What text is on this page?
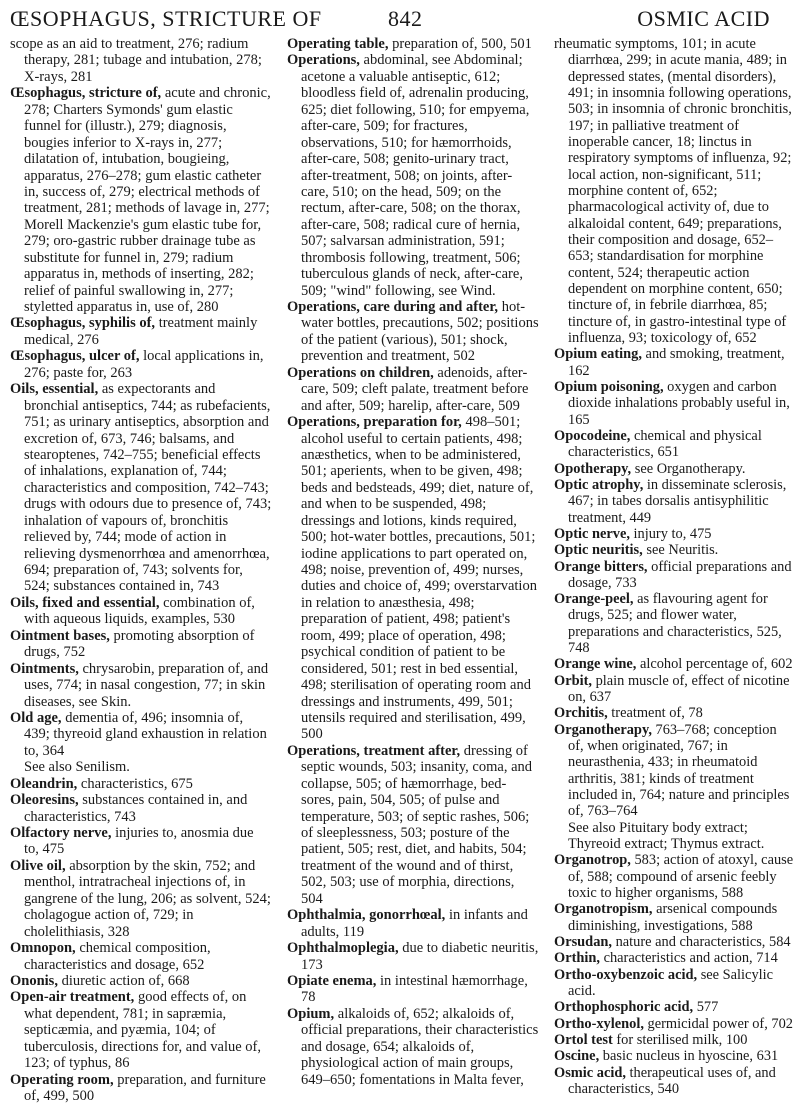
ŒSOPHAGUS, STRICTURE OF	842	OSMIC ACID
scope as an aid to treatment, 276; radium therapy, 281; tubage and intubation, 278; X-rays, 281
Œsophagus, stricture of, acute and chronic, 278; Charters Symonds' gum elastic funnel for (illustr.), 279; diagnosis, bougies inferior to X-rays in, 277; dilatation of, intubation, bougieing, apparatus, 276–278; gum elastic catheter in, success of, 279; electrical methods of treatment, 281; methods of lavage in, 277; Morell Mackenzie's gum elastic tube for, 279; oro-gastric rubber drainage tube as substitute for funnel in, 279; radium apparatus in, methods of inserting, 282; relief of painful swallowing in, 277; styletted apparatus in, use of, 280
Œsophagus, syphilis of, treatment mainly medical, 276
Œsophagus, ulcer of, local applications in, 276; paste for, 263
Oils, essential, as expectorants and bronchial antiseptics, 744; as rubefacients, 751; as urinary antiseptics, absorption and excretion of, 673, 746; balsams, and stearoptenes, 742–755; beneficial effects of inhalations, explanation of, 744; characteristics and composition, 742–743; drugs with odours due to presence of, 743; inhalation of vapours of, bronchitis relieved by, 744; mode of action in relieving dysmenorrhœa and amenorrhœa, 694; preparation of, 743; solvents for, 524; substances contained in, 743
Oils, fixed and essential, combination of, with aqueous liquids, examples, 530
Ointment bases, promoting absorption of drugs, 752
Ointments, chrysarobin, preparation of, and uses, 774; in nasal congestion, 77; in skin diseases, see Skin.
Old age, dementia of, 496; insomnia of, 439; thyreoid gland exhaustion in relation to, 364
See also Senilism.
Oleandrin, characteristics, 675
Oleoresins, substances contained in, and characteristics, 743
Olfactory nerve, injuries to, anosmia due to, 475
Olive oil, absorption by the skin, 752; and menthol, intratracheal injections of, in gangrene of the lung, 206; as solvent, 524; cholagogue action of, 729; in cholelithiasis, 328
Omnopon, chemical composition, characteristics and dosage, 652
Ononis, diuretic action of, 668
Open-air treatment, good effects of, on what dependent, 781; in sapræmia, septicæmia, and pyæmia, 104; of tuberculosis, directions for, and value of, 123; of typhus, 86
Operating room, preparation, and furniture of, 499, 500
Operating table, preparation of, 500, 501
Operations, abdominal, see Abdominal; acetone a valuable antiseptic, 612; bloodless field of, adrenalin producing, 625; diet following, 510; for empyema, after-care, 509; for fractures, observations, 510; for hæmorrhoids, after-care, 508; genito-urinary tract, after-treatment, 508; on joints, after-care, 510; on the head, 509; on the rectum, after-care, 508; on the thorax, after-care, 508; radical cure of hernia, 507; salvarsan administration, 591; thrombosis following, treatment, 506; tuberculous glands of neck, after-care, 509; "wind" following, see Wind.
Operations, care during and after, hot-water bottles, precautions, 502; positions of the patient (various), 501; shock, prevention and treatment, 502
Operations on children, adenoids, after-care, 509; cleft palate, treatment before and after, 509; harelip, after-care, 509
Operations, preparation for, 498–501; alcohol useful to certain patients, 498; anæsthetics, when to be administered, 501; aperients, when to be given, 498; beds and bedsteads, 499; diet, nature of, and when to be suspended, 498; dressings and lotions, kinds required, 500; hot-water bottles, precautions, 501; iodine applications to part operated on, 498; noise, prevention of, 499; nurses, duties and choice of, 499; overstarvation in relation to anæsthesia, 498; preparation of patient, 498; patient's room, 499; place of operation, 498; psychical condition of patient to be considered, 501; rest in bed essential, 498; sterilisation of operating room and dressings and instruments, 499, 501; utensils required and sterilisation, 499, 500
Operations, treatment after, dressing of septic wounds, 503; insanity, coma, and collapse, 505; of hæmorrhage, bed-sores, pain, 504, 505; of pulse and temperature, 503; of septic rashes, 506; of sleeplessness, 503; posture of the patient, 505; rest, diet, and habits, 504; treatment of the wound and of thirst, 502, 503; use of morphia, directions, 504
Ophthalmia, gonorrhœal, in infants and adults, 119
Ophthalmoplegia, due to diabetic neuritis, 173
Opiate enema, in intestinal hæmorrhage, 78
Opium, alkaloids of, 652; alkaloids of, official preparations, their characteristics and dosage, 654; alkaloids of, physiological action of main groups, 649–650; fomentations in Malta fever,
rheumatic symptoms, 101; in acute diarrhœa, 299; in acute mania, 489; in depressed states, (mental disorders), 491; in insomnia following operations, 503; in insomnia of chronic bronchitis, 197; in palliative treatment of inoperable cancer, 18; linctus in respiratory symptoms of influenza, 92; local action, non-significant, 511; morphine content of, 652; pharmacological activity of, due to alkaloidal content, 649; preparations, their composition and dosage, 652–653; standardisation for morphine content, 524; therapeutic action dependent on morphine content, 650; tincture of, in febrile diarrhœa, 85; tincture of, in gastro-intestinal type of influenza, 93; toxicology of, 652
Opium eating, and smoking, treatment, 162
Opium poisoning, oxygen and carbon dioxide inhalations probably useful in, 165
Opocodeine, chemical and physical characteristics, 651
Opotherapy, see Organotherapy.
Optic atrophy, in disseminate sclerosis, 467; in tabes dorsalis antisyphilitic treatment, 449
Optic nerve, injury to, 475
Optic neuritis, see Neuritis.
Orange bitters, official preparations and dosage, 733
Orange-peel, as flavouring agent for drugs, 525; and flower water, preparations and characteristics, 525, 748
Orange wine, alcohol percentage of, 602
Orbit, plain muscle of, effect of nicotine on, 637
Orchitis, treatment of, 78
Organotherapy, 763–768; conception of, when originated, 767; in neurasthenia, 433; in rheumatoid arthritis, 381; kinds of treatment included in, 764; nature and principles of, 763–764
See also Pituitary body extract; Thyreoid extract; Thymus extract.
Organotrop, 583; action of atoxyl, cause of, 588; compound of arsenic feebly toxic to higher organisms, 588
Organotropism, arsenical compounds diminishing, investigations, 588
Orsudan, nature and characteristics, 584
Orthin, characteristics and action, 714
Ortho-oxybenzoic acid, see Salicylic acid.
Orthophosphoric acid, 577
Ortho-xylenol, germicidal power of, 702
Ortol test for sterilised milk, 100
Oscine, basic nucleus in hyoscine, 631
Osmic acid, therapeutical uses of, and characteristics, 540
